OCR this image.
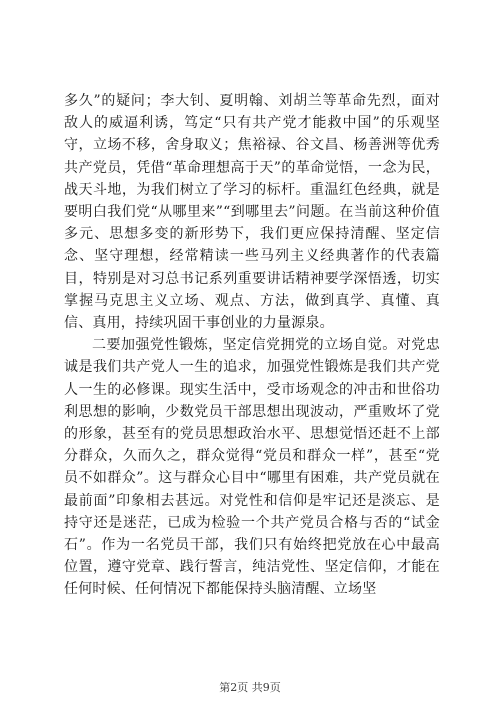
多久”的疑问；李大钊、夏明翰、刘胡兰等革命先烈，面对敌人的威逼利诱，笃定“只有共产党才能救中国”的乐观坚守，立场不移，舍身取义；焦裕禄、谷文昌、杨善洲等优秀共产党员，凭借“革命理想高于天”的革命觉悟，一念为民，战天斗地，为我们树立了学习的标杆。重温红色经典，就是要明白我们党“从哪里来”“到哪里去”问题。在当前这种价值多元、思想多变的新形势下，我们更应保持清醒、坚定信念、坚守理想，经常精读一些马列主义经典著作的代表篇目，特别是对习总书记系列重要讲话精神要学深悟透，切实掌握马克思主义立场、观点、方法，做到真学、真懂、真信、真用，持续巩固干事创业的力量源泉。

二要加强党性锻炼，坚定信党拥党的立场自觉。对党忠诚是我们共产党人一生的追求，加强党性锻炼是我们共产党人一生的必修课。现实生活中，受市场观念的冲击和世俗功利思想的影响，少数党员干部思想出现波动，严重败坏了党的形象，甚至有的党员思想政治水平、思想觉悟还赶不上部分群众，久而久之，群众觉得“党员和群众一样”，甚至“党员不如群众”。这与群众心目中“哪里有困难，共产党员就在最前面”印象相去甚远。对党性和信仰是牢记还是淡忘、是持守还是迷茫，已成为检验一个共产党员合格与否的“试金石”。作为一名党员干部，我们只有始终把党放在心中最高位置，遵守党章、践行誓言，纯洁党性、坚定信仰，才能在任何时候、任何情况下都能保持头脑清醒、立场坚

第2页 共9页
